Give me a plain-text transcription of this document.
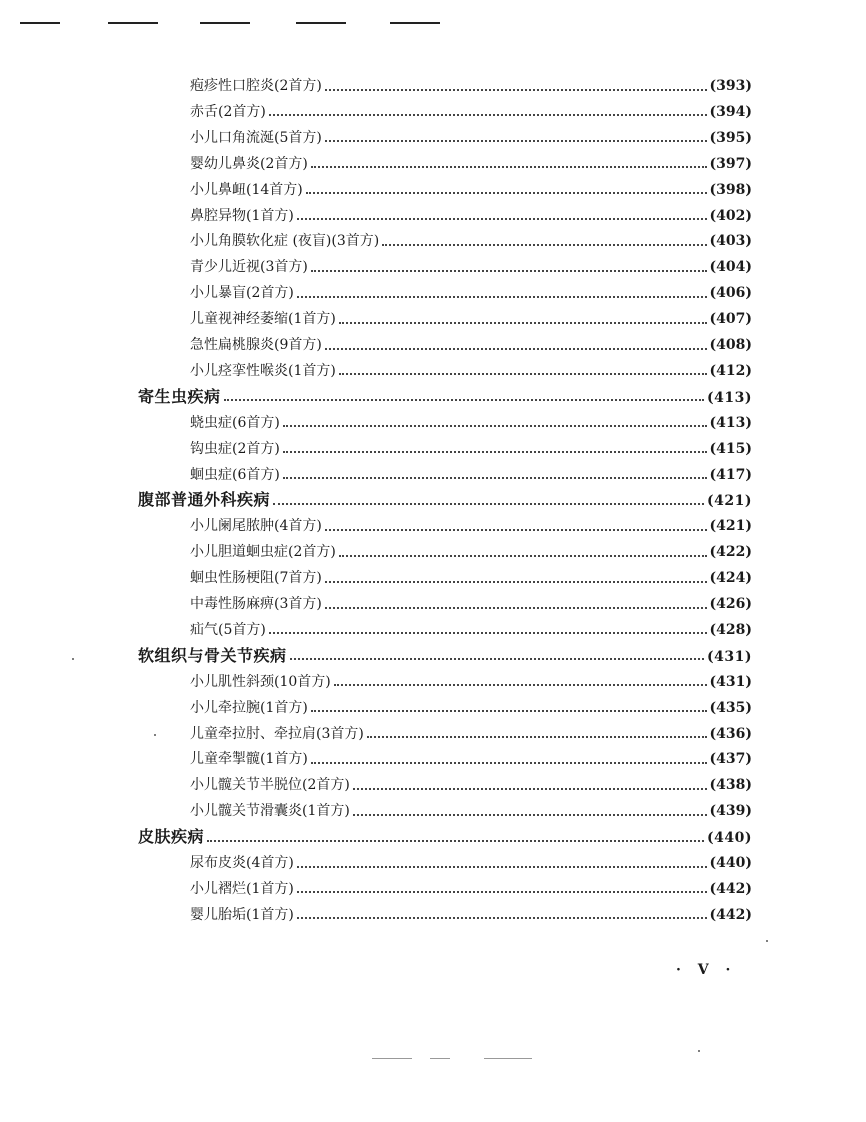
疱疹性口腔炎(2首方)	(393)
赤舌(2首方)	(394)
小儿口角流涎(5首方)	(395)
婴幼儿鼻炎(2首方)	(397)
小儿鼻衄(14首方)	(398)
鼻腔异物(1首方)	(402)
小儿角膜软化症 (夜盲)(3首方)	(403)
青少儿近视(3首方)	(404)
小儿暴盲(2首方)	(406)
儿童视神经萎缩(1首方)	(407)
急性扁桃腺炎(9首方)	(408)
小儿痉挛性喉炎(1首方)	(412)
寄生虫疾病	(413)
蛲虫症(6首方)	(413)
钩虫症(2首方)	(415)
蛔虫症(6首方)	(417)
腹部普通外科疾病	(421)
小儿阑尾脓肿(4首方)	(421)
小儿胆道蛔虫症(2首方)	(422)
蛔虫性肠梗阻(7首方)	(424)
中毒性肠麻痹(3首方)	(426)
疝气(5首方)	(428)
软组织与骨关节疾病	(431)
小儿肌性斜颈(10首方)	(431)
小儿牵拉腕(1首方)	(435)
儿童牵拉肘、牵拉肩(3首方)	(436)
儿童牵掣髋(1首方)	(437)
小儿髋关节半脱位(2首方)	(438)
小儿髋关节滑囊炎(1首方)	(439)
皮肤疾病	(440)
尿布皮炎(4首方)	(440)
小儿褶烂(1首方)	(442)
婴儿胎垢(1首方)	(442)
· Ⅴ ·
